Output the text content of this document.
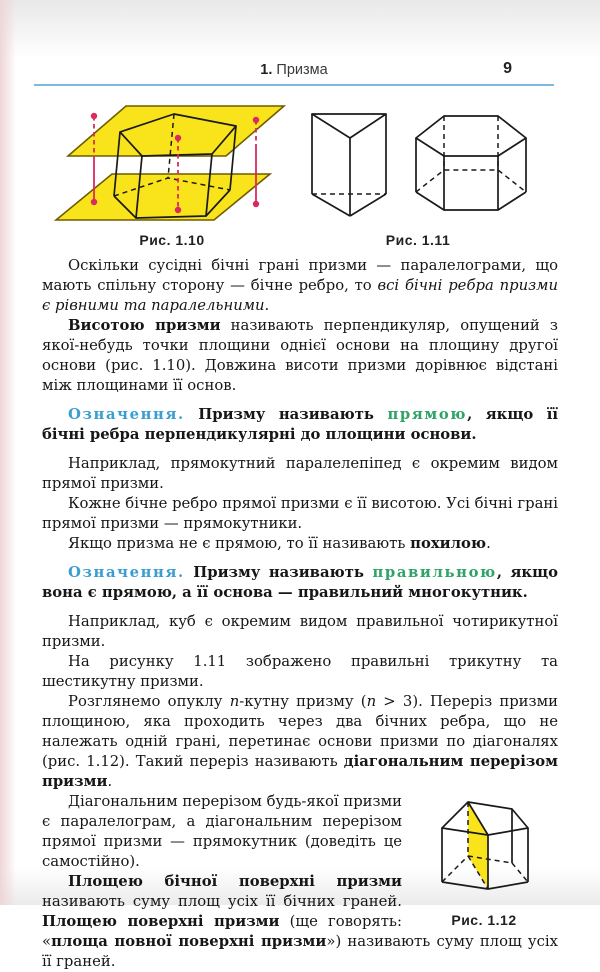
1. Призма	9
Рис. 1.10	Рис. 1.11

Оскільки сусідні бічні грані призми — паралелограми, що мають спільну сторону — бічне ребро, то всі бічні ребра призми є рівними та паралельними.

Висотою призми називають перпендикуляр, опущений з якої-небудь точки площини однієї основи на площину другої основи (рис. 1.10). Довжина висоти призми дорівнює відстані між площинами її основ.

Означення. Призму називають прямою, якщо її бічні ребра перпендикулярні до площини основи.

Наприклад, прямокутний паралелепіпед є окремим видом прямої призми.

Кожне бічне ребро прямої призми є її висотою. Усі бічні грані прямої призми — прямокутники.

Якщо призма не є прямою, то її називають похилою.

Означення. Призму називають правильною, якщо вона є прямою, а її основа — правильний многокутник.

Наприклад, куб є окремим видом правильної чотирикутної призми.

На рисунку 1.11 зображено правильні трикутну та шестикутну призми.

Розглянемо опуклу n-кутну призму (n > 3). Переріз призми площиною, яка проходить через два бічних ребра, що не належать одній грані, перетинає основи призми по діагоналях (рис. 1.12). Такий переріз називають діагональним перерізом призми.

Рис. 1.12

Діагональним перерізом будь-якої призми є паралелограм, а діагональним перерізом прямої призми — прямокутник (доведіть це самостійно).

Площею бічної поверхні призми називають суму площ усіх її бічних граней. Площею поверхні призми (ще говорять: «площа повної поверхні призми») називають суму площ усіх її граней.
